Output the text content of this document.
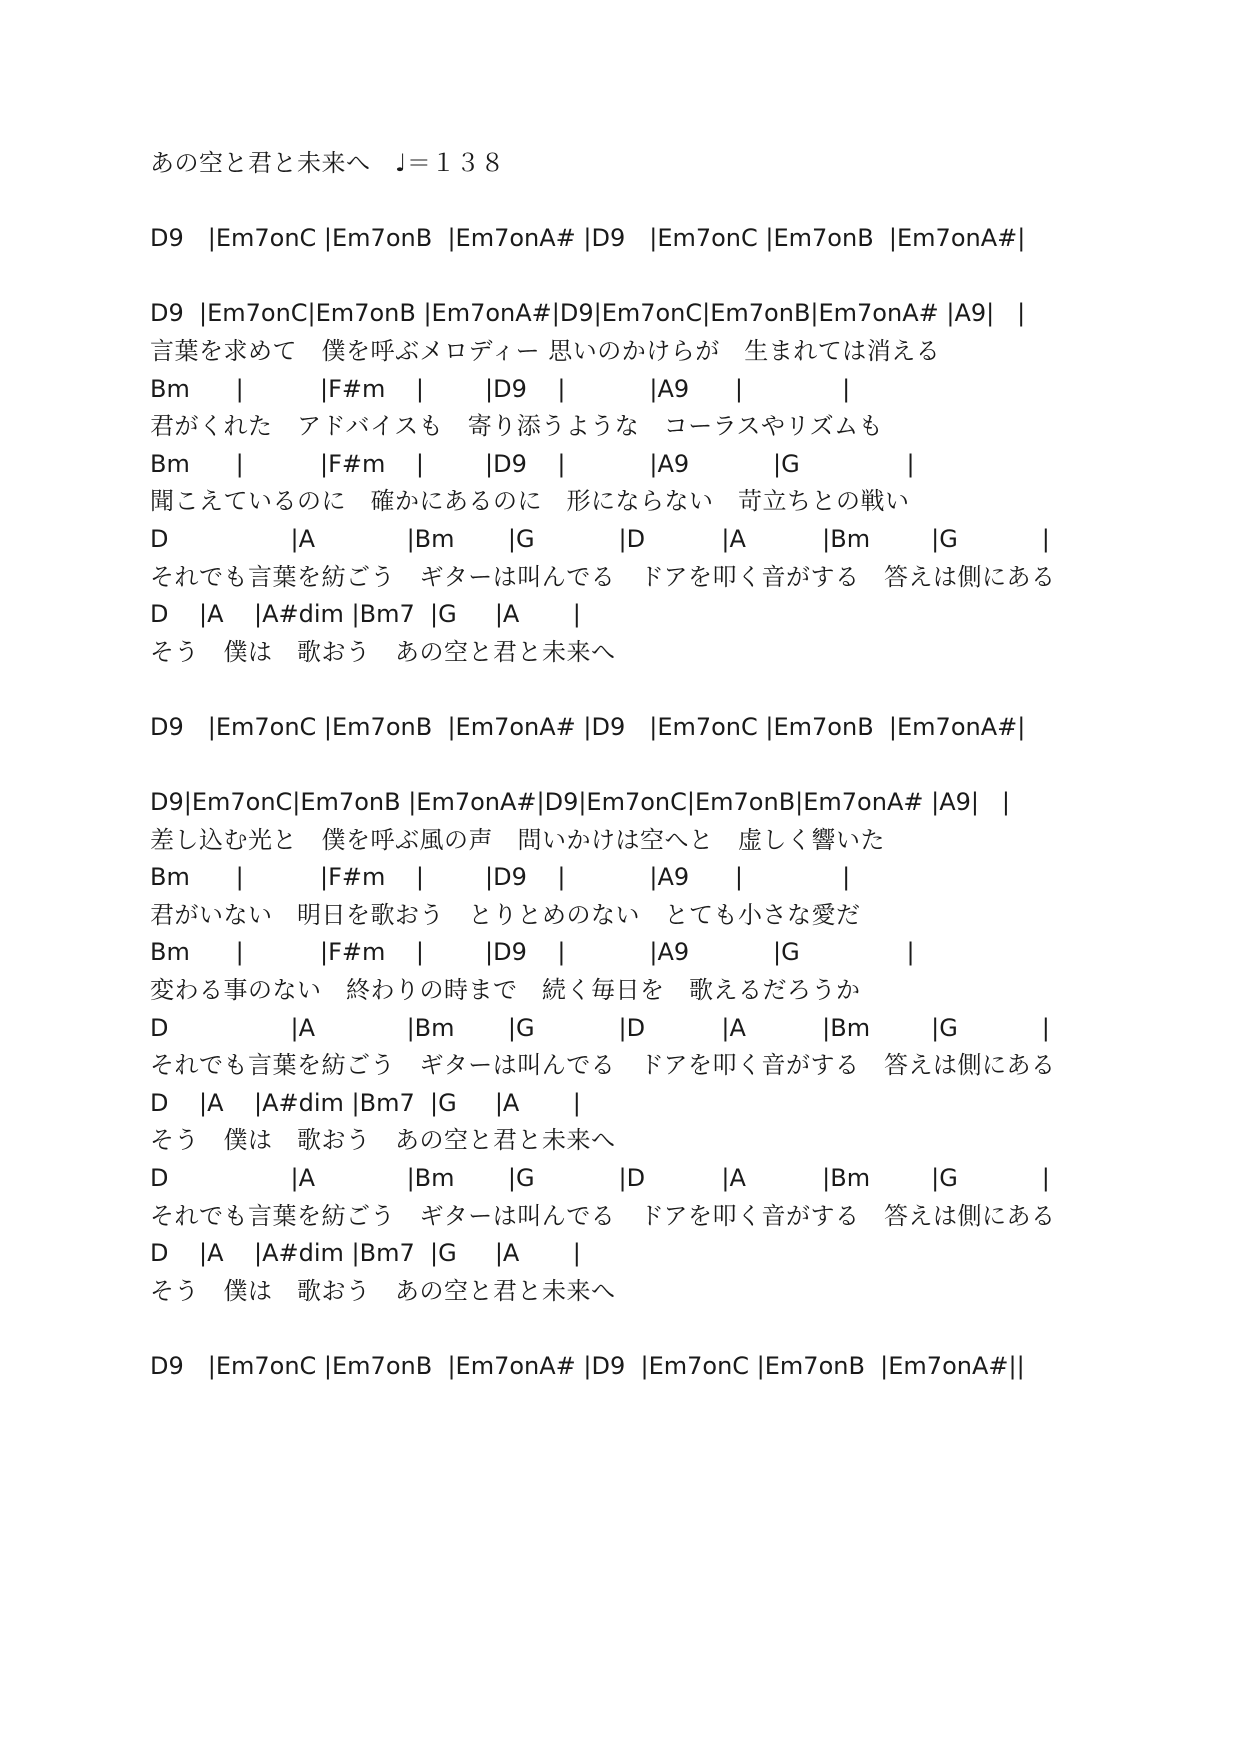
あの空と君と未来へ　♩＝１３８
D9　|Em7onC |Em7onB  |Em7onA# |D9　|Em7onC |Em7onB  |Em7onA#|
D9  |Em7onC|Em7onB |Em7onA#|D9|Em7onC|Em7onB|Em7onA# |A9|   |
言葉を求めて　僕を呼ぶメロディー 思いのかけらが　生まれては消える
Bm      |          |F#m    |        |D9    |           |A9      |             |
君がくれた　アドバイスも　寄り添うような　コーラスやリズムも
Bm      |          |F#m    |        |D9    |           |A9           |G              |
聞こえているのに　確かにあるのに　形にならない　苛立ちとの戦い
D                |A            |Bm       |G           |D          |A          |Bm        |G           |
それでも言葉を紡ごう　ギターは叫んでる　ドアを叩く音がする　答えは側にある
D    |A    |A#dim |Bm7  |G     |A       |
そう　僕は　歌おう　あの空と君と未来へ
D9　|Em7onC |Em7onB  |Em7onA# |D9　|Em7onC |Em7onB  |Em7onA#|
D9|Em7onC|Em7onB |Em7onA#|D9|Em7onC|Em7onB|Em7onA# |A9|   |
差し込む光と　僕を呼ぶ風の声　問いかけは空へと　虚しく響いた
Bm      |          |F#m    |        |D9    |           |A9      |             |
君がいない　明日を歌おう　とりとめのない　とても小さな愛だ
Bm      |          |F#m    |        |D9    |           |A9           |G              |
変わる事のない　終わりの時まで　続く毎日を　歌えるだろうか
D                |A            |Bm       |G           |D          |A          |Bm        |G           |
それでも言葉を紡ごう　ギターは叫んでる　ドアを叩く音がする　答えは側にある
D    |A    |A#dim |Bm7  |G     |A       |
そう　僕は　歌おう　あの空と君と未来へ
D                |A            |Bm       |G           |D          |A          |Bm        |G           |
それでも言葉を紡ごう　ギターは叫んでる　ドアを叩く音がする　答えは側にある
D    |A    |A#dim |Bm7  |G     |A       |
そう　僕は　歌おう　あの空と君と未来へ
D9　|Em7onC |Em7onB  |Em7onA# |D9  |Em7onC |Em7onB  |Em7onA#||
